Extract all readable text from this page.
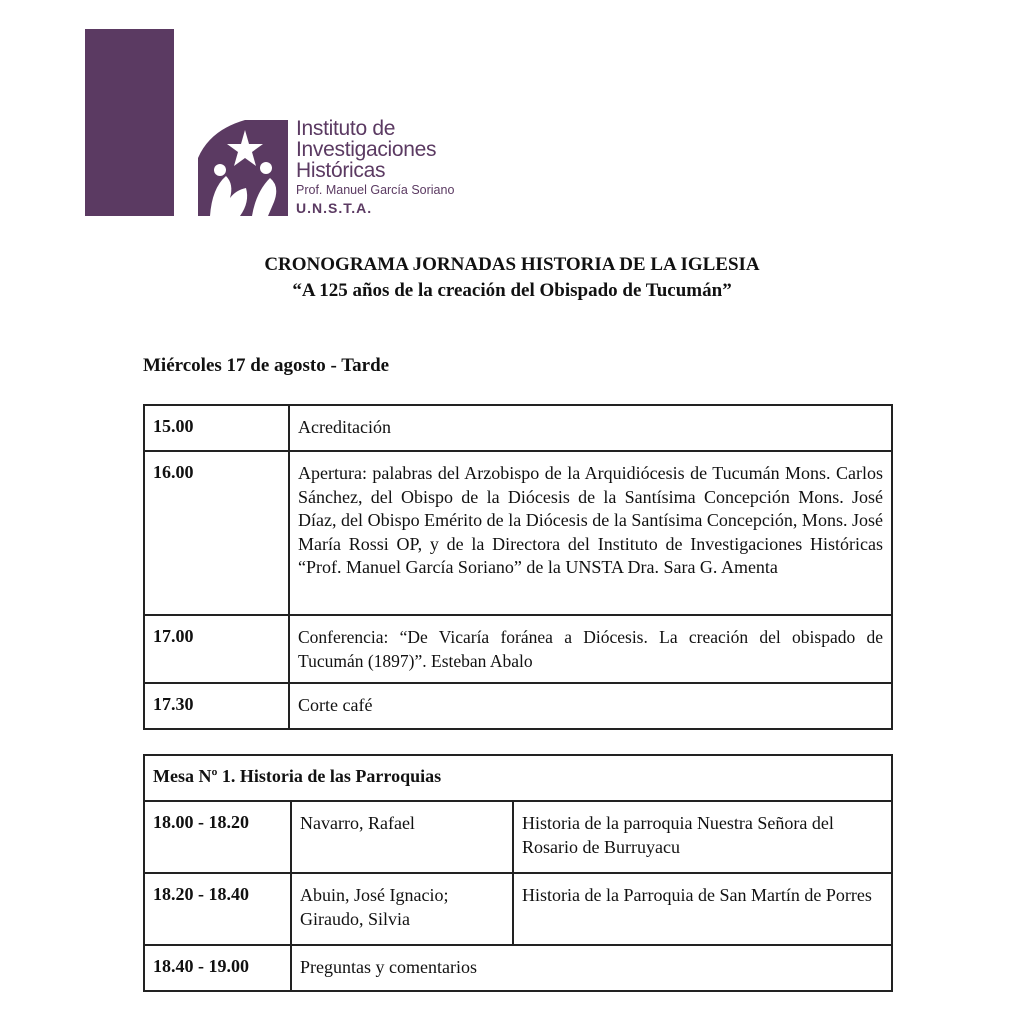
Instituto de
Investigaciones
Históricas
Prof. Manuel García Soriano
U.N.S.T.A.
CRONOGRAMA JORNADAS HISTORIA DE LA IGLESIA
“A 125 años de la creación del Obispado de Tucumán”
Miércoles 17 de agosto - Tarde
15.00	Acreditación
16.00	Apertura: palabras del Arzobispo de la Arquidiócesis de Tucumán Mons. Carlos Sánchez, del Obispo de la Diócesis de la Santísima Concepción Mons. José Díaz, del Obispo Emérito de la Diócesis de la Santísima Concepción, Mons. José María Rossi OP, y de la Directora del Instituto de Investigaciones Históricas “Prof. Manuel García Soriano” de la UNSTA Dra. Sara G. Amenta
17.00	Conferencia: “De Vicaría foránea a Diócesis. La creación del obispado de Tucumán (1897)”. Esteban Abalo
17.30	Corte café
Mesa Nº 1. Historia de las Parroquias		
18.00 - 18.20	Navarro, Rafael	Historia de la parroquia Nuestra Señora del Rosario de Burruyacu
18.20 - 18.40	Abuin, José Ignacio; Giraudo, Silvia	Historia de la Parroquia de San Martín de Porres
18.40 - 19.00	Preguntas y comentarios	
